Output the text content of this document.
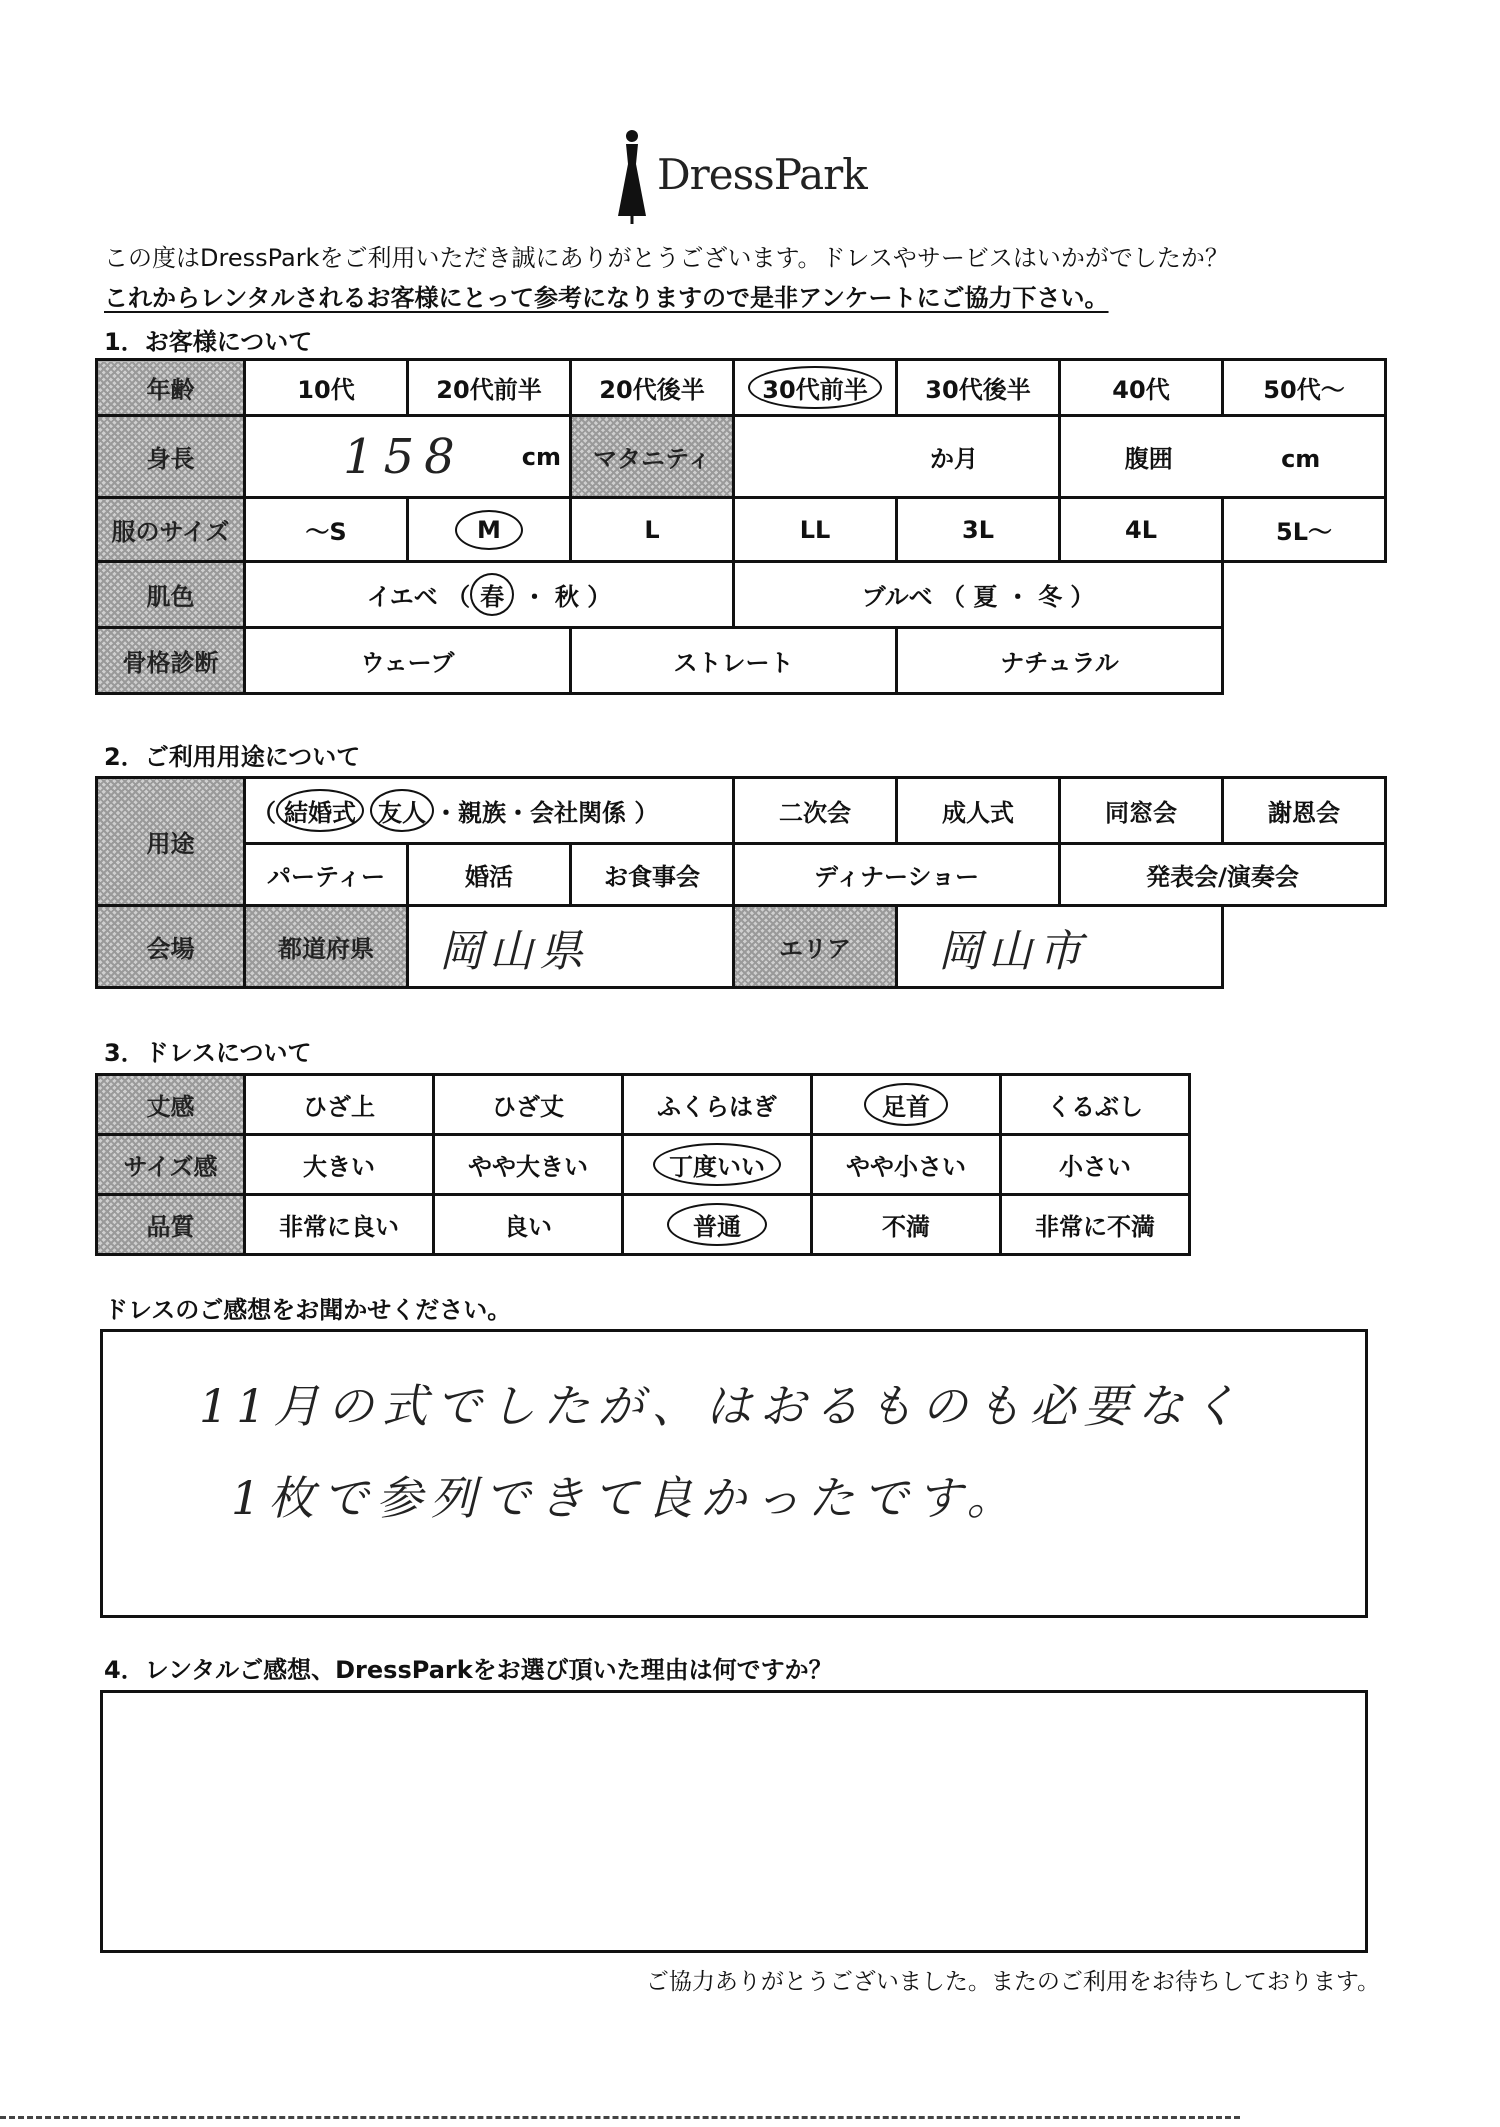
DressPark
この度はDressParkをご利用いただき誠にありがとうございます。ドレスやサービスはいかがでしたか？
これからレンタルされるお客様にとって参考になりますので是非アンケートにご協力下さい。
1．お客様について
年齢	10代	20代前半	20代後半	30代前半	30代後半	40代	50代～
身長	158 cm		マタニティ	か月		腹囲 cm	
服のサイズ	～S	M	L	LL	3L	4L	5L～
肌色	イエベ （ 春 ・ 秋 ）			ブルベ （ 夏 ・ 冬 ）			
骨格診断	ウェーブ		ストレート		ナチュラル		
2．ご利用用途について
用途	（ 結婚式 友人 ・親族・会社関係 ）			二次会	成人式	同窓会	謝恩会
	パーティー	婚活	お食事会	ディナーショー		発表会/演奏会	
会場	都道府県	岡山県		エリア	岡山市		
3．ドレスについて
丈感	ひざ上	ひざ丈	ふくらはぎ	足首	くるぶし
サイズ感	大きい	やや大きい	丁度いい	やや小さい	小さい
品質	非常に良い	良い	普通	不満	非常に不満
ドレスのご感想をお聞かせください。
11月の式でしたが、はおるものも必要なく
1枚で参列できて良かったです。
4．レンタルご感想、DressParkをお選び頂いた理由は何ですか？
ご協力ありがとうございました。またのご利用をお待ちしております。
